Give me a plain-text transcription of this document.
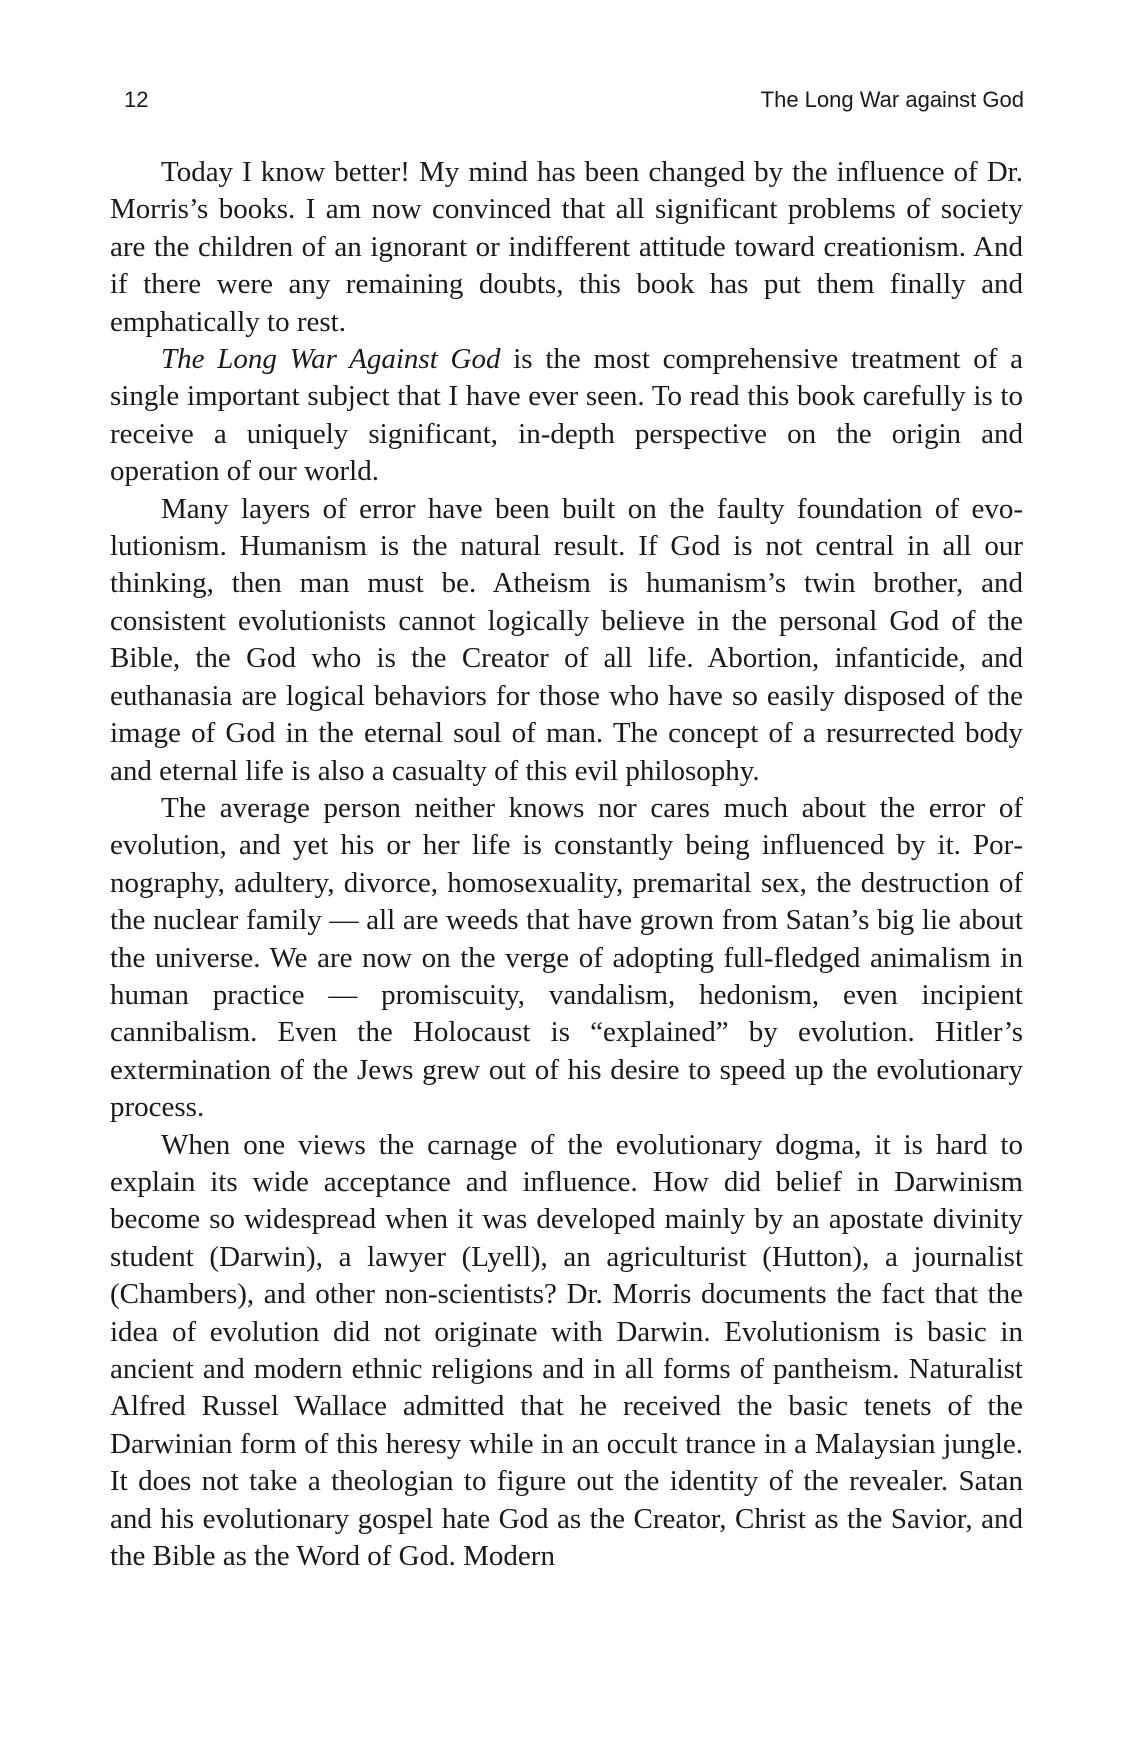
12	The Long War against God

Today I know better! My mind has been changed by the influence of Dr. Morris’s books. I am now convinced that all significant problems of society are the children of an ignorant or indifferent attitude toward creationism. And if there were any remaining doubts, this book has put them finally and emphatically to rest.

The Long War Against God is the most comprehensive treatment of a single important subject that I have ever seen. To read this book carefully is to receive a uniquely significant, in-depth perspective on the origin and operation of our world.

Many layers of error have been built on the faulty foundation of evolutionism. Humanism is the natural result. If God is not central in all our thinking, then man must be. Atheism is humanism’s twin brother, and consistent evolutionists cannot logically believe in the personal God of the Bible, the God who is the Creator of all life. Abortion, infanticide, and euthanasia are logical behaviors for those who have so easily disposed of the image of God in the eternal soul of man. The concept of a resurrected body and eternal life is also a casualty of this evil philosophy.

The average person neither knows nor cares much about the error of evolution, and yet his or her life is constantly being influenced by it. Pornography, adultery, divorce, homosexuality, premarital sex, the destruction of the nuclear family — all are weeds that have grown from Satan’s big lie about the universe. We are now on the verge of adopting full-fledged animalism in human practice — promiscuity, vandalism, hedonism, even incipient cannibalism. Even the Holocaust is “explained” by evolution. Hitler’s extermination of the Jews grew out of his desire to speed up the evolutionary process.

When one views the carnage of the evolutionary dogma, it is hard to explain its wide acceptance and influence. How did belief in Darwinism become so widespread when it was developed mainly by an apostate divinity student (Darwin), a lawyer (Lyell), an agriculturist (Hutton), a journalist (Chambers), and other non-scientists? Dr. Morris documents the fact that the idea of evolution did not originate with Darwin. Evolutionism is basic in ancient and modern ethnic religions and in all forms of pantheism. Naturalist Alfred Russel Wallace admitted that he received the basic tenets of the Darwinian form of this heresy while in an occult trance in a Malaysian jungle. It does not take a theologian to figure out the identity of the revealer. Satan and his evolutionary gospel hate God as the Creator, Christ as the Savior, and the Bible as the Word of God. Modern
